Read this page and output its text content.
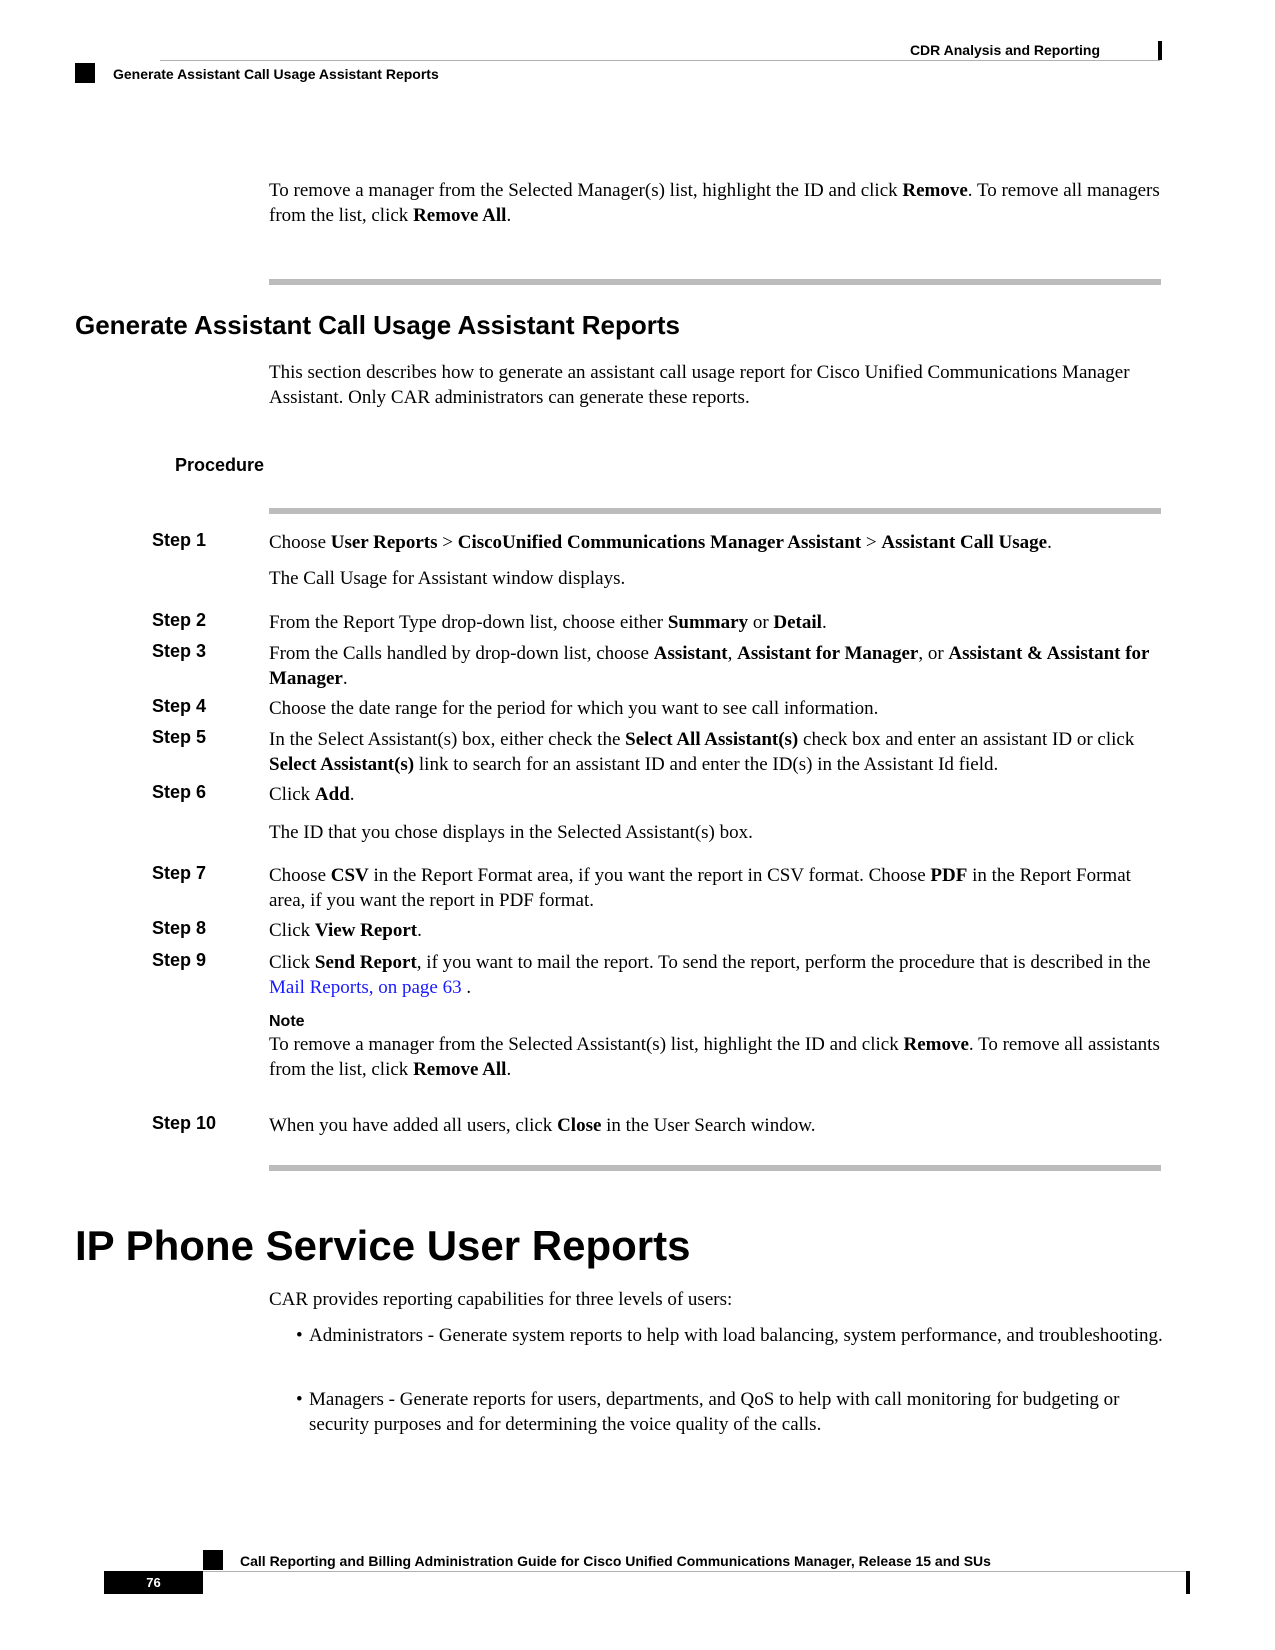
CDR Analysis and Reporting
Generate Assistant Call Usage Assistant Reports
To remove a manager from the Selected Manager(s) list, highlight the ID and click Remove. To remove all managers from the list, click Remove All.
Generate Assistant Call Usage Assistant Reports
This section describes how to generate an assistant call usage report for Cisco Unified Communications Manager Assistant. Only CAR administrators can generate these reports.
Procedure
Step 1	Choose User Reports > CiscoUnified Communications Manager Assistant > Assistant Call Usage.
The Call Usage for Assistant window displays.
Step 2	From the Report Type drop-down list, choose either Summary or Detail.
Step 3	From the Calls handled by drop-down list, choose Assistant, Assistant for Manager, or Assistant & Assistant for Manager.
Step 4	Choose the date range for the period for which you want to see call information.
Step 5	In the Select Assistant(s) box, either check the Select All Assistant(s) check box and enter an assistant ID or click Select Assistant(s) link to search for an assistant ID and enter the ID(s) in the Assistant Id field.
Step 6	Click Add.
The ID that you chose displays in the Selected Assistant(s) box.
Step 7	Choose CSV in the Report Format area, if you want the report in CSV format. Choose PDF in the Report Format area, if you want the report in PDF format.
Step 8	Click View Report.
Step 9	Click Send Report, if you want to mail the report. To send the report, perform the procedure that is described in the Mail Reports, on page 63 .
Note
To remove a manager from the Selected Assistant(s) list, highlight the ID and click Remove. To remove all assistants from the list, click Remove All.
Step 10	When you have added all users, click Close in the User Search window.
IP Phone Service User Reports
CAR provides reporting capabilities for three levels of users:
• Administrators - Generate system reports to help with load balancing, system performance, and troubleshooting.
• Managers - Generate reports for users, departments, and QoS to help with call monitoring for budgeting or security purposes and for determining the voice quality of the calls.
Call Reporting and Billing Administration Guide for Cisco Unified Communications Manager, Release 15 and SUs
76
